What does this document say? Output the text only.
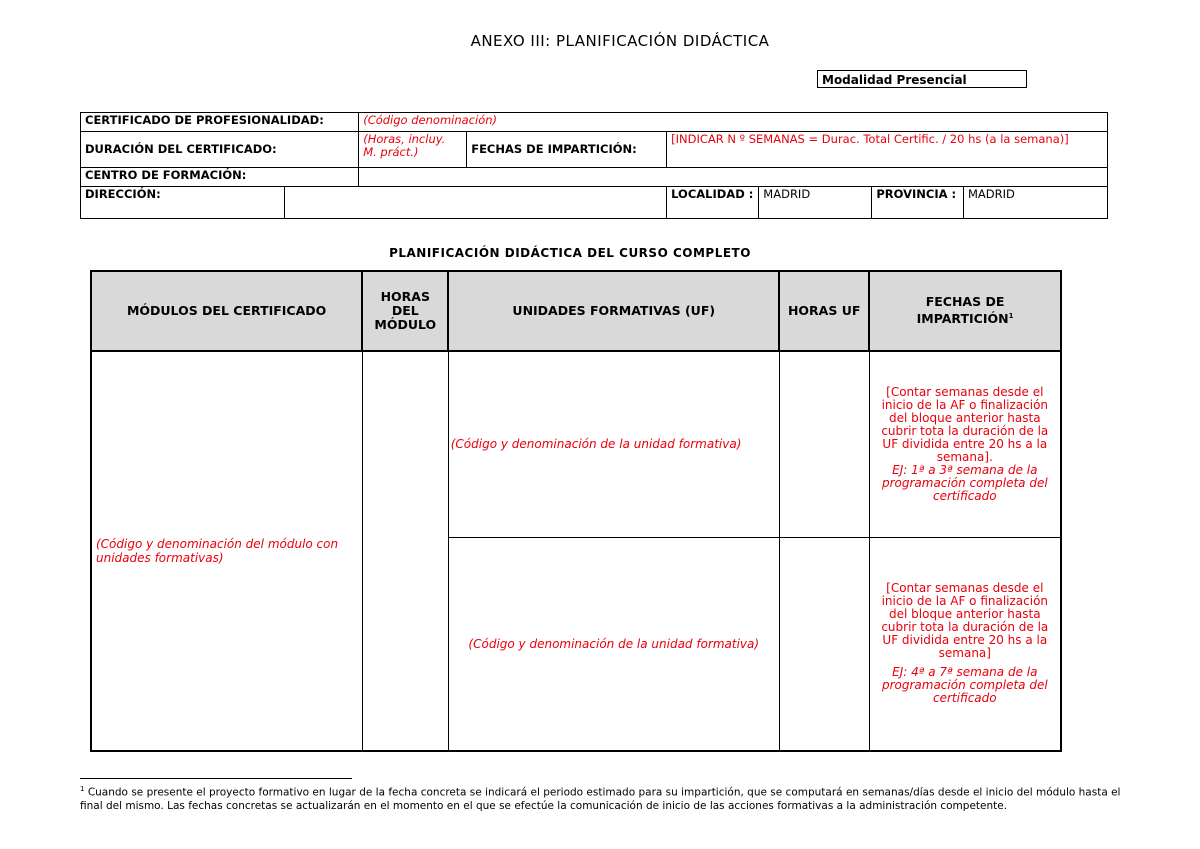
ANEXO III: PLANIFICACIÓN DIDÁCTICA
Modalidad Presencial
CERTIFICADO DE PROFESIONALIDAD:		(Código denominación)					
DURACIÓN DEL CERTIFICADO:		(Horas, incluy. M. práct.)	FECHAS DE IMPARTICIÓN:	[INDICAR N º SEMANAS = Durac. Total Certific. / 20 hs (a la semana)]			
CENTRO DE FORMACIÓN:							
DIRECCIÓN:				LOCALIDAD :	MADRID	PROVINCIA :	MADRID
PLANIFICACIÓN DIDÁCTICA DEL CURSO COMPLETO
MÓDULOS DEL CERTIFICADO	HORAS DEL MÓDULO	UNIDADES FORMATIVAS (UF)	HORAS UF	FECHAS DE IMPARTICIÓN$^1$
(Código y denominación del módulo con unidades formativas)		(Código y denominación de la unidad formativa)		[Contar semanas desde el inicio de la AF o finalización del bloque anterior hasta cubrir tota la duración de la UF dividida entre 20 hs a la semana].

EJ: 1ª a 3ª semana de la programación completa del certificado

		(Código y denominación de la unidad formativa)		[Contar semanas desde el inicio de la AF o finalización del bloque anterior hasta cubrir tota la duración de la UF dividida entre 20 hs a la semana]

EJ: 4ª a 7ª semana de la programación completa del certificado

$^1$ Cuando se presente el proyecto formativo en lugar de la fecha concreta se indicará el periodo estimado para su impartición, que se computará en semanas/días desde el inicio del módulo hasta el final del mismo. Las fechas concretas se actualizarán en el momento en el que se efectúe la comunicación de inicio de las acciones formativas a la administración competente.
